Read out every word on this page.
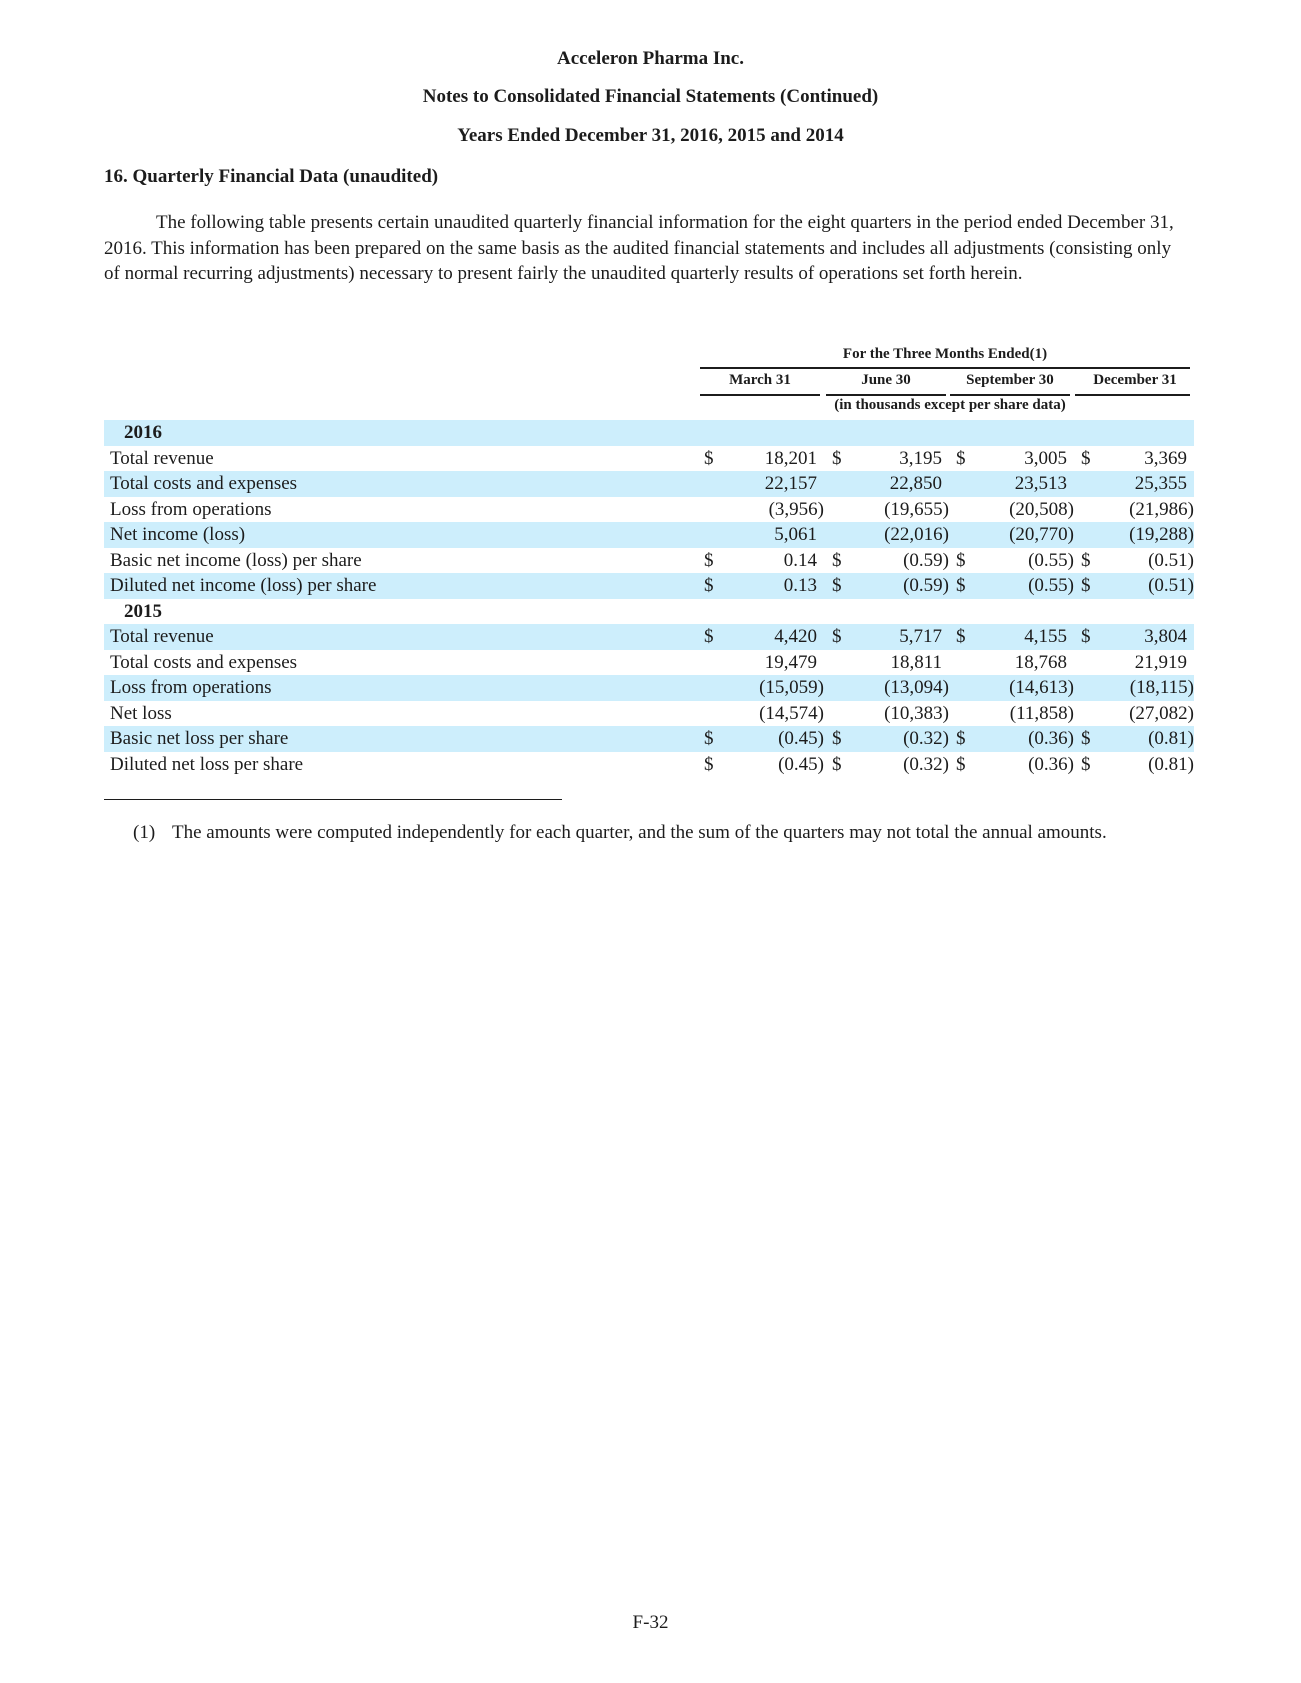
Acceleron Pharma Inc.
Notes to Consolidated Financial Statements (Continued)
Years Ended December 31, 2016, 2015 and 2014
16. Quarterly Financial Data (unaudited)

The following table presents certain unaudited quarterly financial information for the eight quarters in the period ended December 31, 2016. This information has been prepared on the same basis as the audited financial statements and includes all adjustments (consisting only of normal recurring adjustments) necessary to present fairly the unaudited quarterly results of operations set forth herein.

For the Three Months Ended(1)
March 31	June 30	September 30	December 31
(in thousands except per share data)
2016
Total revenue	$	18,201 $	3,195 $	3,005 $	3,369
Total costs and expenses	22,157	22,850	23,513	25,355
Loss from operations	(3,956)	(19,655)	(20,508)	(21,986)
Net income (loss)	5,061	(22,016)	(20,770)	(19,288)
Basic net income (loss) per share	$	0.14 $	(0.59) $	(0.55) $	(0.51)
Diluted net income (loss) per share	$	0.13 $	(0.59) $	(0.55) $	(0.51)
2015
Total revenue	$	4,420 $	5,717 $	4,155 $	3,804
Total costs and expenses	19,479	18,811	18,768	21,919
Loss from operations	(15,059)	(13,094)	(14,613)	(18,115)
Net loss	(14,574)	(10,383)	(11,858)	(27,082)
Basic net loss per share	$	(0.45) $	(0.32) $	(0.36) $	(0.81)
Diluted net loss per share	$	(0.45) $	(0.32) $	(0.36) $	(0.81)
(1) The amounts were computed independently for each quarter, and the sum of the quarters may not total the annual amounts.
F-32
